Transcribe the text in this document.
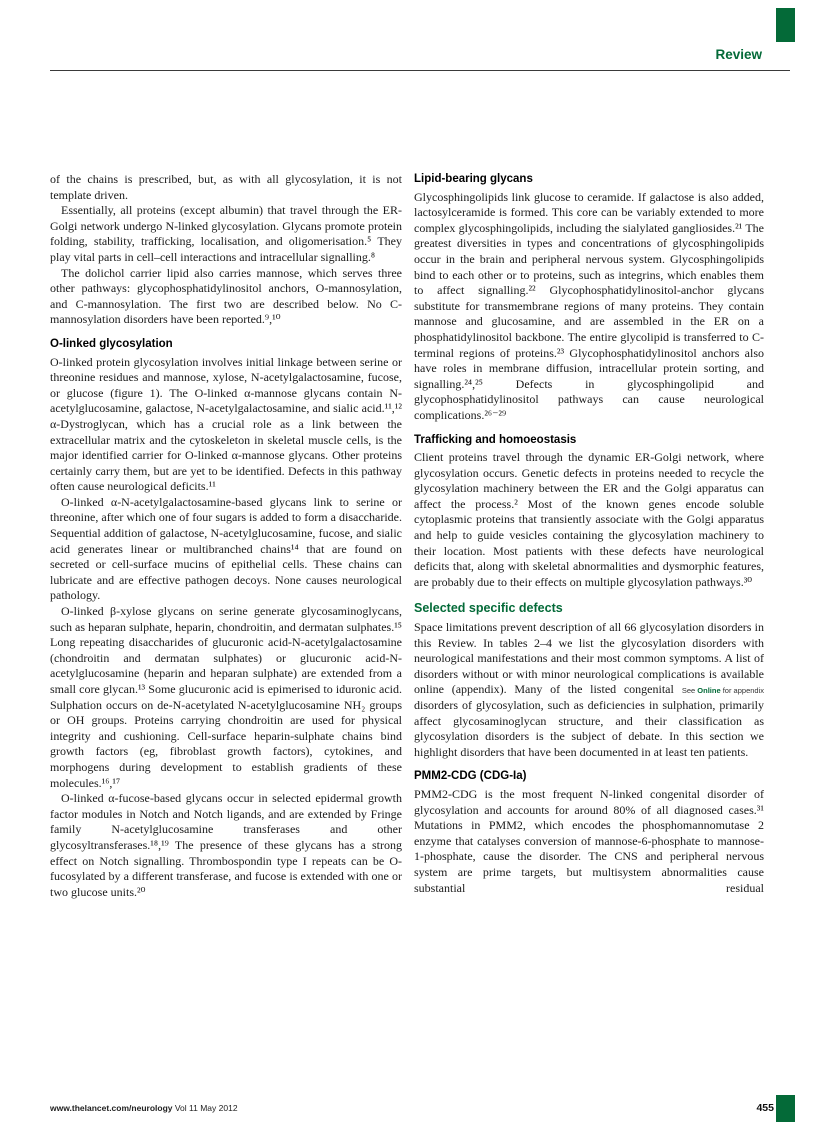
Review

of the chains is prescribed, but, as with all glycosylation, it is not template driven.

Essentially, all proteins (except albumin) that travel through the ER-Golgi network undergo N-linked glycosylation. Glycans promote protein folding, stability, trafficking, localisation, and oligomerisation.⁵ They play vital parts in cell–cell interactions and intracellular signalling.⁸

The dolichol carrier lipid also carries mannose, which serves three other pathways: glycophosphatidylinositol anchors, O-mannosylation, and C-mannosylation. The first two are described below. No C-mannosylation disorders have been reported.⁹,¹⁰

O-linked glycosylation

O-linked protein glycosylation involves initial linkage between serine or threonine residues and mannose, xylose, N-acetylgalactosamine, fucose, or glucose (figure 1). The O-linked α-mannose glycans contain N-acetylglucosamine, galactose, N-acetylgalactosamine, and sialic acid.¹¹,¹² α-Dystroglycan, which has a crucial role as a link between the extracellular matrix and the cytoskeleton in skeletal muscle cells, is the major identified carrier for O-linked α-mannose glycans. Other proteins certainly carry them, but are yet to be identified. Defects in this pathway often cause neurological deficits.¹¹

O-linked α-N-acetylgalactosamine-based glycans link to serine or threonine, after which one of four sugars is added to form a disaccharide. Sequential addition of galactose, N-acetylglucosamine, fucose, and sialic acid generates linear or multibranched chains¹⁴ that are found on secreted or cell-surface mucins of epithelial cells. These chains can lubricate and are effective pathogen decoys. None causes neurological pathology.

O-linked β-xylose glycans on serine generate glycosaminoglycans, such as heparan sulphate, heparin, chondroitin, and dermatan sulphates.¹⁵ Long repeating disaccharides of glucuronic acid-N-acetylgalactosamine (chondroitin and dermatan sulphates) or glucuronic acid-N-acetylglucosamine (heparin and heparan sulphate) are extended from a small core glycan.¹³ Some glucuronic acid is epimerised to iduronic acid. Sulphation occurs on de-N-acetylated N-acetylglucosamine NH₂ groups or OH groups. Proteins carrying chondroitin are used for physical integrity and cushioning. Cell-surface heparin-sulphate chains bind growth factors (eg, fibroblast growth factors), cytokines, and morphogens during development to establish gradients of these molecules.¹⁶,¹⁷

O-linked α-fucose-based glycans occur in selected epidermal growth factor modules in Notch and Notch ligands, and are extended by Fringe family N-acetylglucosamine transferases and other glycosyltransferases.¹⁸,¹⁹ The presence of these glycans has a strong effect on Notch signalling. Thrombospondin type I repeats can be O-fucosylated by a different transferase, and fucose is extended with one or two glucose units.²⁰

Lipid-bearing glycans

Glycosphingolipids link glucose to ceramide. If galactose is also added, lactosylceramide is formed. This core can be variably extended to more complex glycosphingolipids, including the sialylated gangliosides.²¹ The greatest diversities in types and concentrations of glycosphingolipids occur in the brain and peripheral nervous system. Glycosphingolipids bind to each other or to proteins, such as integrins, which enables them to affect signalling.²² Glycophosphatidylinositol-anchor glycans substitute for transmembrane regions of many proteins. They contain mannose and glucosamine, and are assembled in the ER on a phosphatidylinositol backbone. The entire glycolipid is transferred to C-terminal regions of proteins.²³ Glycophosphatidylinositol anchors also have roles in membrane diffusion, intracellular protein sorting, and signalling.²⁴,²⁵ Defects in glycosphingolipid and glycophosphatidylinositol pathways can cause neurological complications.²⁶⁻²⁹

Trafficking and homoeostasis

Client proteins travel through the dynamic ER-Golgi network, where glycosylation occurs. Genetic defects in proteins needed to recycle the glycosylation machinery between the ER and the Golgi apparatus can affect the process.² Most of the known genes encode soluble cytoplasmic proteins that transiently associate with the Golgi apparatus and help to guide vesicles containing the glycosylation machinery to their location. Most patients with these defects have neurological deficits that, along with skeletal abnormalities and dysmorphic features, are probably due to their effects on multiple glycosylation pathways.³⁰

Selected specific defects

Space limitations prevent description of all 66 glycosylation disorders in this Review. In tables 2–4 we list the glycosylation disorders with neurological manifestations and their most common symptoms. A list of disorders without or with minor neurological complications is available online (appendix).	See Online for appendix
Many of the listed congenital disorders of glycosylation, such as deficiencies in sulphation, primarily affect glycosaminoglycan structure, and their classification as glycosylation disorders is the subject of debate. In this section we highlight disorders that have been documented in at least ten patients.

PMM2-CDG (CDG-Ia)

PMM2-CDG is the most frequent N-linked congenital disorder of glycosylation and accounts for around 80% of all diagnosed cases.³¹ Mutations in PMM2, which encodes the phosphomannomutase 2 enzyme that catalyses conversion of mannose-6-phosphate to mannose-1-phosphate, cause the disorder. The CNS and peripheral nervous system are prime targets, but multisystem abnormalities cause substantial residual

www.thelancet.com/neurology Vol 11 May 2012	455
